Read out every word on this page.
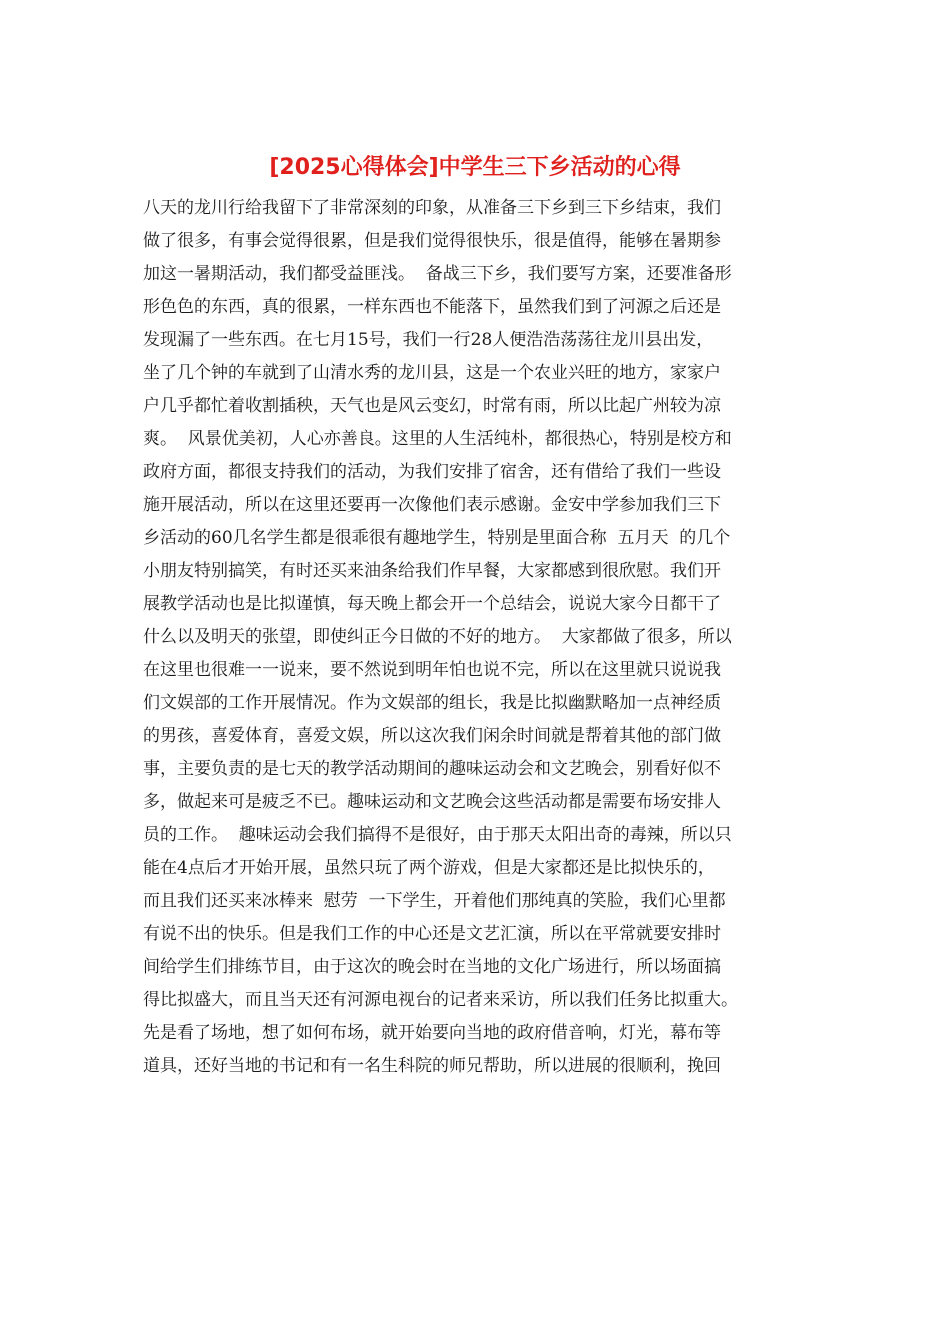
[2025心得体会]中学生三下乡活动的心得
八天的龙川行给我留下了非常深刻的印象，从准备三下乡到三下乡结束，我们
做了很多，有事会觉得很累，但是我们觉得很快乐，很是值得，能够在暑期参
加这一暑期活动，我们都受益匪浅。  备战三下乡，我们要写方案，还要准备形
形色色的东西，真的很累，一样东西也不能落下，虽然我们到了河源之后还是
发现漏了一些东西。在七月15号，我们一行28人便浩浩荡荡往龙川县出发，
坐了几个钟的车就到了山清水秀的龙川县，这是一个农业兴旺的地方，家家户
户几乎都忙着收割插秧，天气也是风云变幻，时常有雨，所以比起广州较为凉
爽。  风景优美初，人心亦善良。这里的人生活纯朴，都很热心，特别是校方和
政府方面，都很支持我们的活动，为我们安排了宿舍，还有借给了我们一些设
施开展活动，所以在这里还要再一次像他们表示感谢。金安中学参加我们三下
乡活动的60几名学生都是很乖很有趣地学生，特别是里面合称  五月天  的几个
小朋友特别搞笑，有时还买来油条给我们作早餐，大家都感到很欣慰。我们开
展教学活动也是比拟谨慎，每天晚上都会开一个总结会，说说大家今日都干了
什么以及明天的张望，即使纠正今日做的不好的地方。  大家都做了很多，所以
在这里也很难一一说来，要不然说到明年怕也说不完，所以在这里就只说说我
们文娱部的工作开展情况。作为文娱部的组长，我是比拟幽默略加一点神经质
的男孩，喜爱体育，喜爱文娱，所以这次我们闲余时间就是帮着其他的部门做
事，主要负责的是七天的教学活动期间的趣味运动会和文艺晚会，别看好似不
多，做起来可是疲乏不已。趣味运动和文艺晚会这些活动都是需要布场安排人
员的工作。  趣味运动会我们搞得不是很好，由于那天太阳出奇的毒辣，所以只
能在4点后才开始开展，虽然只玩了两个游戏，但是大家都还是比拟快乐的，
而且我们还买来冰棒来  慰劳  一下学生，开着他们那纯真的笑脸，我们心里都
有说不出的快乐。但是我们工作的中心还是文艺汇演，所以在平常就要安排时
间给学生们排练节目，由于这次的晚会时在当地的文化广场进行，所以场面搞
得比拟盛大，而且当天还有河源电视台的记者来采访，所以我们任务比拟重大。
先是看了场地，想了如何布场，就开始要向当地的政府借音响，灯光，幕布等
道具，还好当地的书记和有一名生科院的师兄帮助，所以进展的很顺利，挽回
